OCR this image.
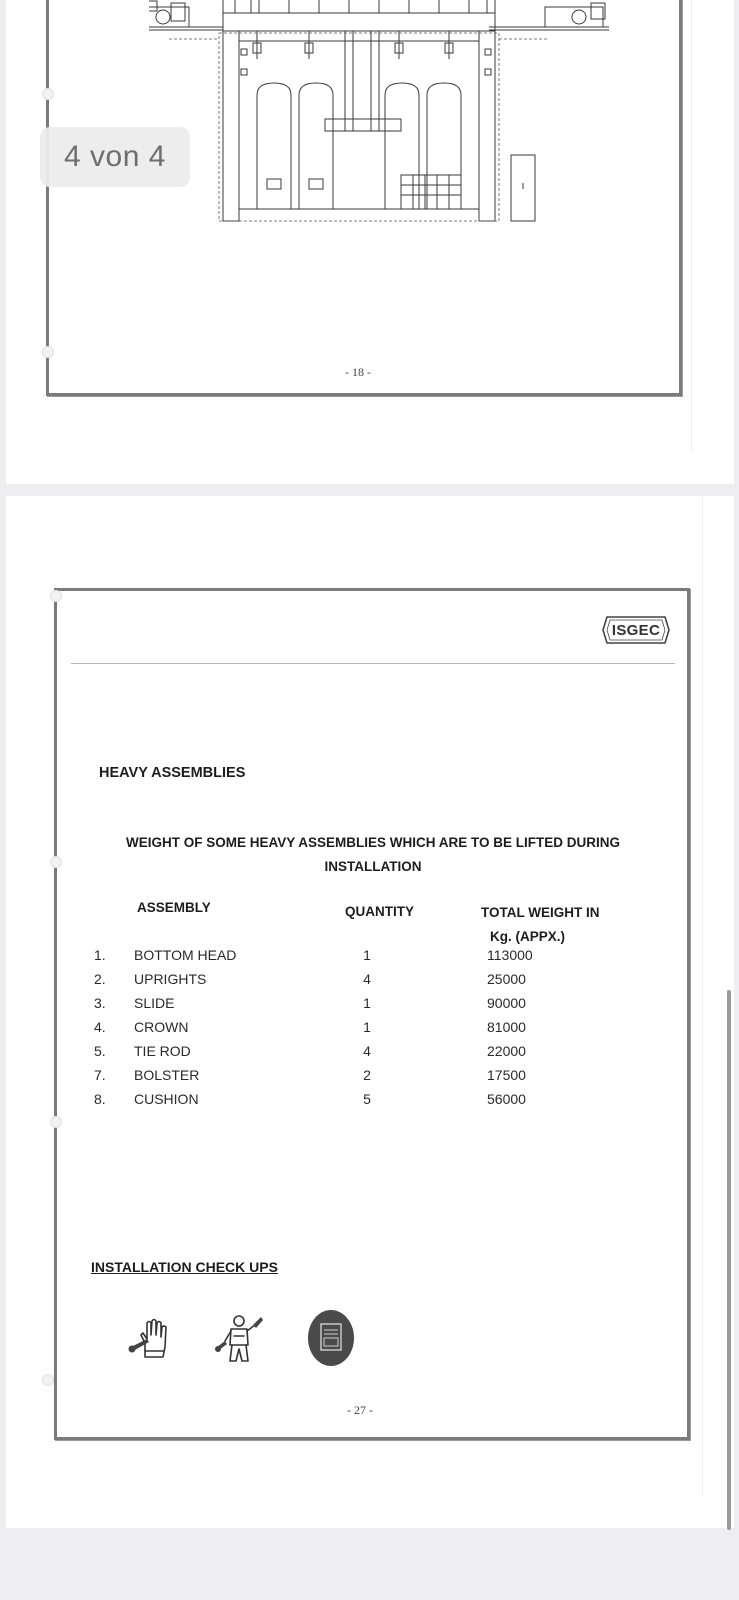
- 18 -
4 von 4
ISGEC
HEAVY ASSEMBLIES
WEIGHT OF SOME HEAVY ASSEMBLIES WHICH ARE TO BE LIFTED DURING INSTALLATION
ASSEMBLY	QUANTITY	TOTAL WEIGHT IN
Kg. (APPX.)
1. BOTTOM HEAD	1	113000
2. UPRIGHTS	4	25000
3. SLIDE	1	90000
4. CROWN	1	81000
5. TIE ROD	4	22000
7. BOLSTER	2	17500
8. CUSHION	5	56000
INSTALLATION CHECK UPS
- 27 -
